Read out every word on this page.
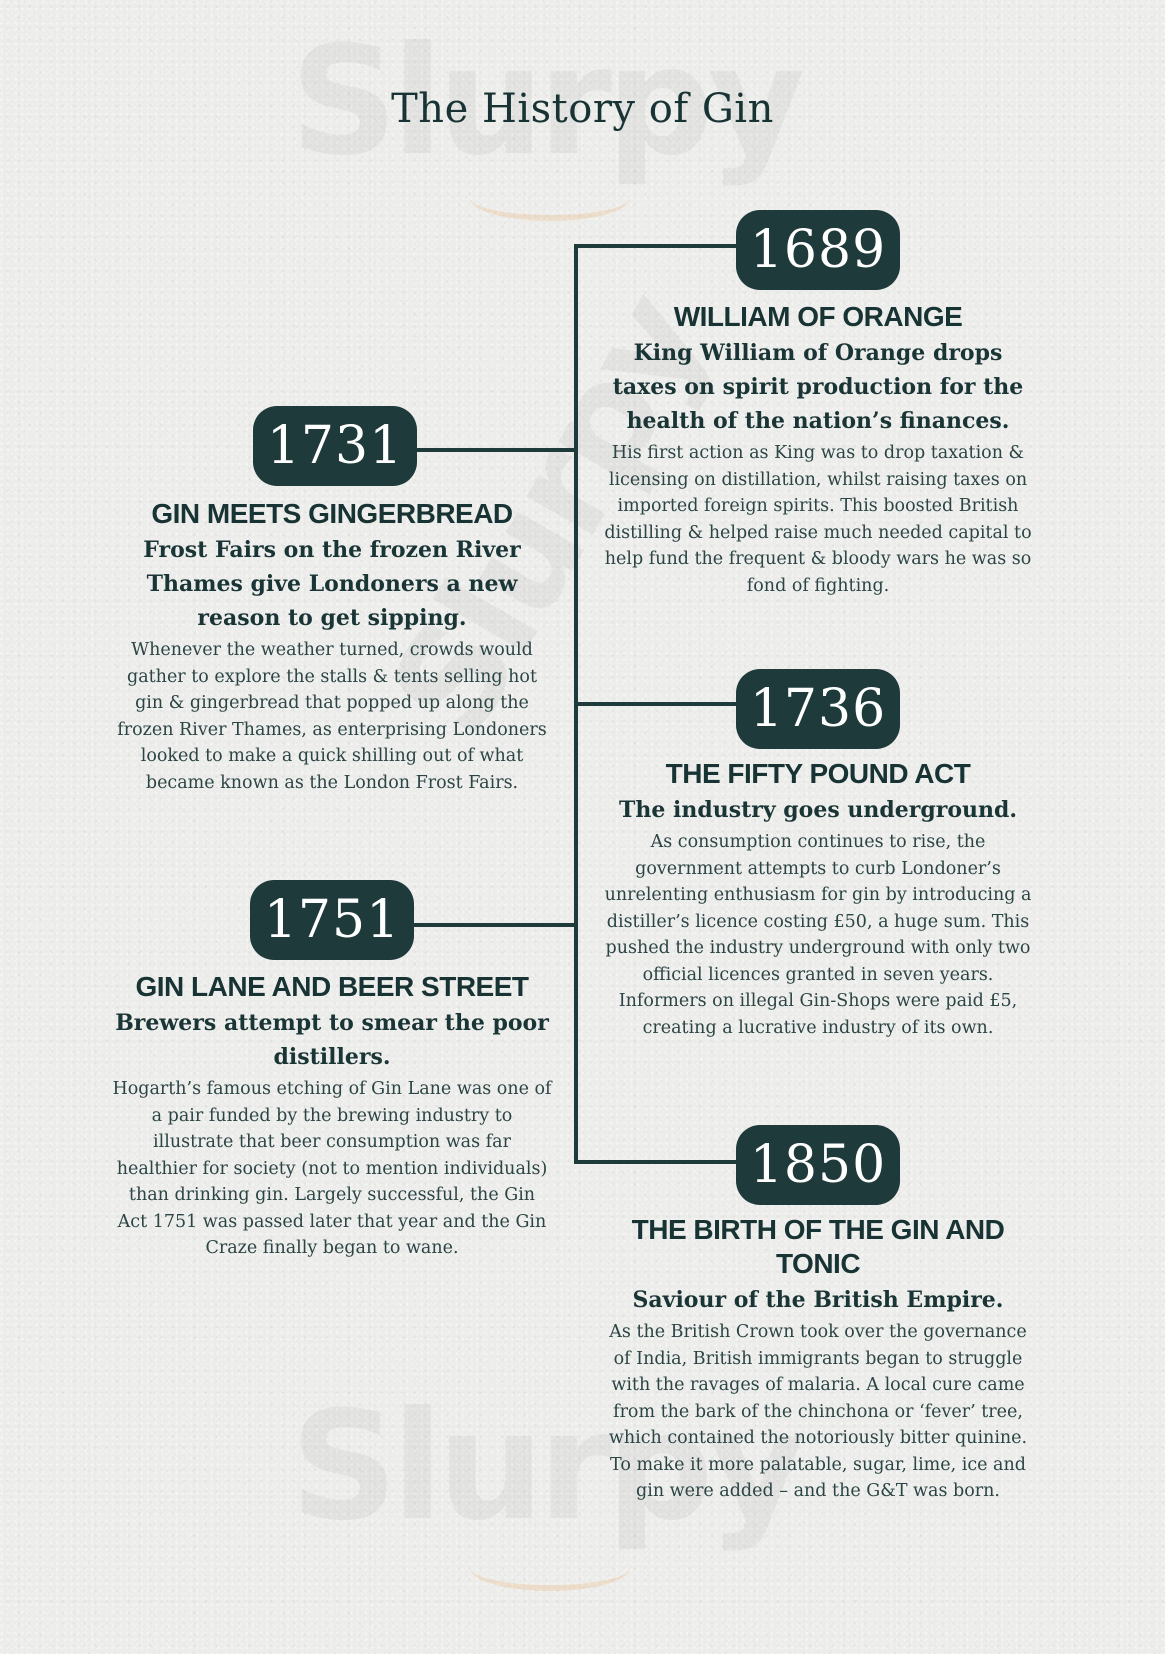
The History of Gin
1689
1731
1736
1751
1850
WILLIAM OF ORANGE

King William of Orange drops taxes on spirit production for the health of the nation’s finances.

His first action as King was to drop taxation & licensing on distillation, whilst raising taxes on imported foreign spirits. This boosted British distilling & helped raise much needed capital to help fund the frequent & bloody wars he was so fond of fighting.

GIN MEETS GINGERBREAD

Frost Fairs on the frozen River Thames give Londoners a new reason to get sipping.

Whenever the weather turned, crowds would gather to explore the stalls & tents selling hot gin & gingerbread that popped up along the frozen River Thames, as enterprising Londoners looked to make a quick shilling out of what became known as the London Frost Fairs.	THE FIFTY POUND ACT

The industry goes underground.

As consumption continues to rise, the government attempts to curb Londoner’s unrelenting enthusiasm for gin by introducing a distiller’s licence costing £50, a huge sum. This pushed the industry underground with only two official licences granted in seven years. Informers on illegal Gin-Shops were paid £5, creating a lucrative industry of its own.

GIN LANE AND BEER STREET

Brewers attempt to smear the poor distillers.

Hogarth’s famous etching of Gin Lane was one of a pair funded by the brewing industry to illustrate that beer consumption was far healthier for society (not to mention individuals) than drinking gin. Largely successful, the Gin Act 1751 was passed later that year and the Gin Craze finally began to wane.

THE BIRTH OF THE GIN AND TONIC

Saviour of the British Empire.

As the British Crown took over the governance of India, British immigrants began to struggle with the ravages of malaria. A local cure came from the bark of the chinchona or ‘fever’ tree, which contained the notoriously bitter quinine. To make it more palatable, sugar, lime, ice and gin were added – and the G&T was born.
